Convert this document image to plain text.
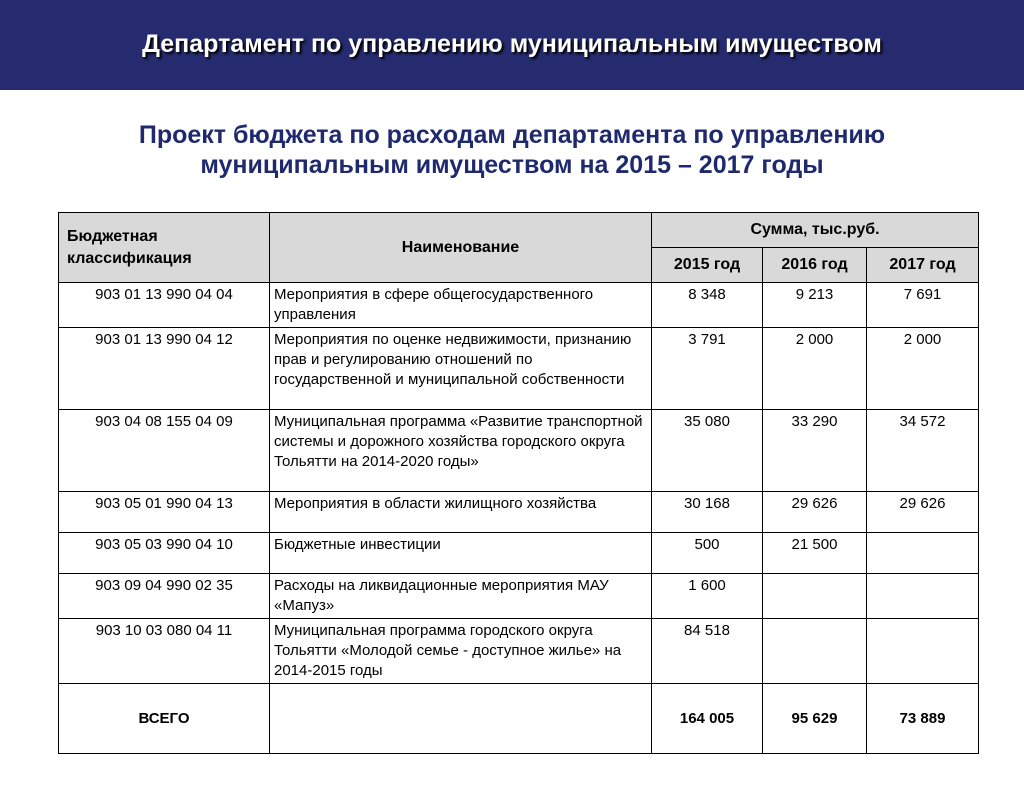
Департамент по управлению муниципальным имуществом
Проект бюджета по расходам департамента по управлению
муниципальным имуществом на 2015 – 2017 годы
Бюджетная классификация	Наименование	Сумма, тыс.руб.		
		2015 год	2016 год	2017 год
903 01 13 990 04 04	Мероприятия в сфере общегосударственного управления	8 348	9 213	7 691
903 01 13 990 04 12	Мероприятия по оценке недвижимости, признанию прав и регулированию отношений по государственной и муниципальной собственности	3 791	2 000	2 000
903 04 08 155 04 09	Муниципальная программа «Развитие транспортной системы и дорожного хозяйства городского округа Тольятти на 2014-2020 годы»	35 080	33 290	34 572
903 05 01 990 04 13	Мероприятия в области жилищного хозяйства	30 168	29 626	29 626
903 05 03 990 04 10	Бюджетные инвестиции	500	21 500	
903 09 04 990 02 35	Расходы на ликвидационные мероприятия МАУ «Мапуз»	1 600		
903 10 03 080 04 11	Муниципальная программа городского округа Тольятти «Молодой семье - доступное жилье» на 2014-2015 годы	84 518		
ВСЕГО		164 005	95 629	73 889
